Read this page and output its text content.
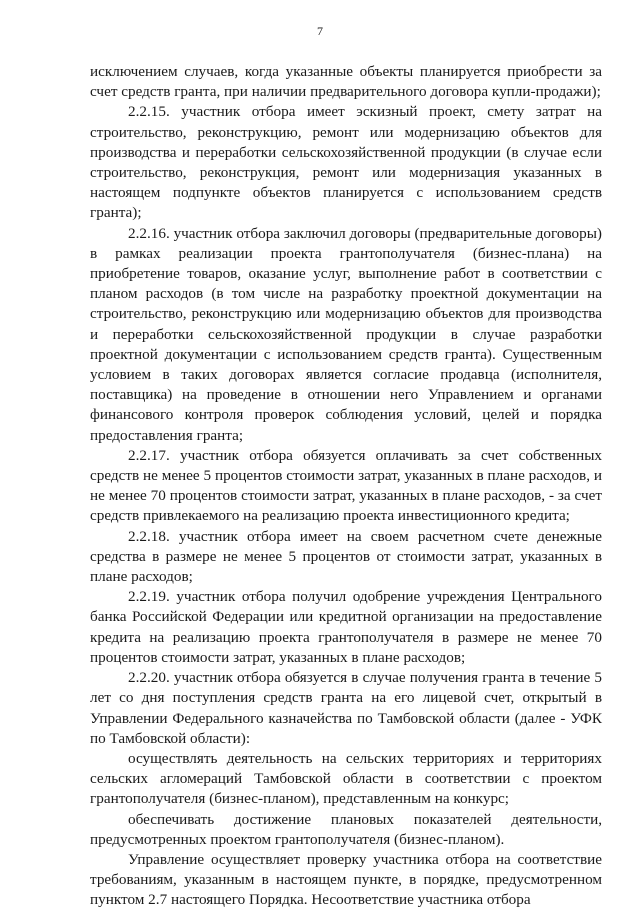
7

исключением случаев, когда указанные объекты планируется приобрести за счет средств гранта, при наличии предварительного договора купли-продажи);

2.2.15. участник отбора имеет эскизный проект, смету затрат на строительство, реконструкцию, ремонт или модернизацию объектов для производства и переработки сельскохозяйственной продукции (в случае если строительство, реконструкция, ремонт или модернизация указанных в настоящем подпункте объектов планируется с использованием средств гранта);

2.2.16. участник отбора заключил договоры (предварительные договоры) в рамках реализации проекта грантополучателя (бизнес-плана) на приобретение товаров, оказание услуг, выполнение работ в соответствии с планом расходов (в том числе на разработку проектной документации на строительство, реконструкцию или модернизацию объектов для производства и переработки сельскохозяйственной продукции в случае разработки проектной документации с использованием средств гранта). Существенным условием в таких договорах является согласие продавца (исполнителя, поставщика) на проведение в отношении него Управлением и органами финансового контроля проверок соблюдения условий, целей и порядка предоставления гранта;

2.2.17. участник отбора обязуется оплачивать за счет собственных средств не менее 5 процентов стоимости затрат, указанных в плане расходов, и не менее 70 процентов стоимости затрат, указанных в плане расходов, - за счет средств привлекаемого на реализацию проекта инвестиционного кредита;

2.2.18. участник отбора имеет на своем расчетном счете денежные средства в размере не менее 5 процентов от стоимости затрат, указанных в плане расходов;

2.2.19. участник отбора получил одобрение учреждения Центрального банка Российской Федерации или кредитной организации на предоставление кредита на реализацию проекта грантополучателя в размере не менее 70 процентов стоимости затрат, указанных в плане расходов;

2.2.20. участник отбора обязуется в случае получения гранта в течение 5 лет со дня поступления средств гранта на его лицевой счет, открытый в Управлении Федерального казначейства по Тамбовской области (далее - УФК по Тамбовской области):

осуществлять деятельность на сельских территориях и территориях сельских агломераций Тамбовской области в соответствии с проектом грантополучателя (бизнес-планом), представленным на конкурс;

обеспечивать достижение плановых показателей деятельности, предусмотренных проектом грантополучателя (бизнес-планом).

Управление осуществляет проверку участника отбора на соответствие требованиям, указанным в настоящем пункте, в порядке, предусмотренном пунктом 2.7 настоящего Порядка. Несоответствие участника отбора
